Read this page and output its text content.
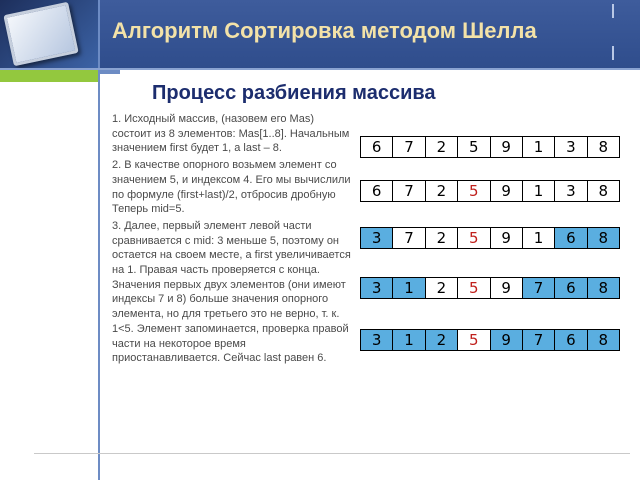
Алгоритм Сортировка методом Шелла
Процесс разбиения массива

1. Исходный массив, (назовем его Mas) состоит из 8 элементов: Mas[1..8]. Начальным значением first будет 1, а last – 8.

2. В качестве опорного возьмем элемент со значением 5, и индексом 4. Его мы вычислили по формуле (first+last)/2, отбросив дробную Теперь mid=5.

3. Далее, первый элемент левой части сравнивается с mid: 3 меньше 5, поэтому он остается на своем месте, а first увеличивается на 1. Правая часть проверяется с конца. Значения первых двух элементов (они имеют индексы 7 и 8) больше значения опорного элемента, но для третьего это не верно, т. к. 1<5. Элемент запоминается, проверка правой части на некоторое время приостанавливается. Сейчас last равен 6.

6	7	2	5	9	1	3	8
6	7	2	5	9	1	3	8
3	7	2	5	9	1	6	8
3	1	2	5	9	7	6	8
3	1	2	5	9	7	6	8
